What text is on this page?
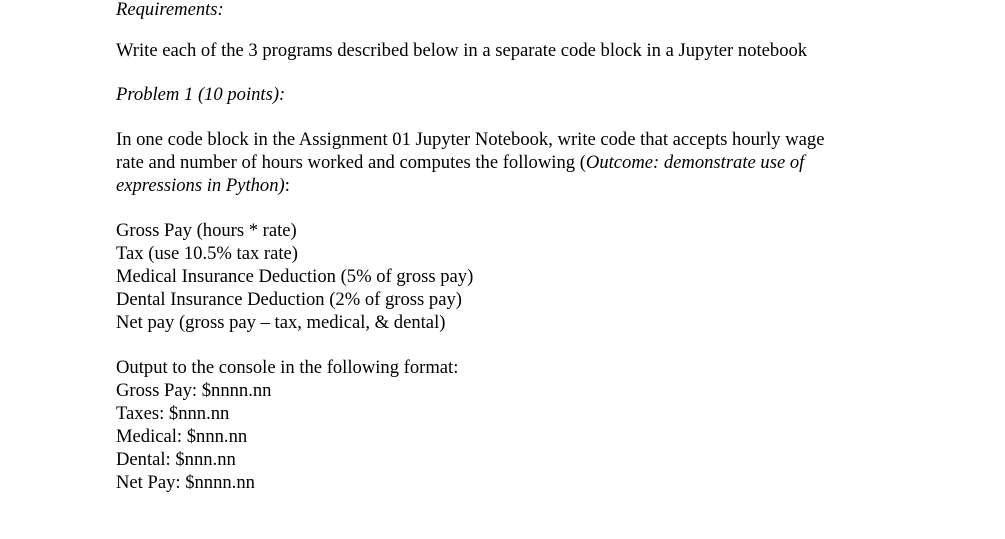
Requirements:
Write each of the 3 programs described below in a separate code block in a Jupyter notebook
Problem 1 (10 points):
In one code block in the Assignment 01 Jupyter Notebook, write code that accepts hourly wage
rate and number of hours worked and computes the following (Outcome: demonstrate use of
expressions in Python):
Gross Pay (hours * rate)
Tax (use 10.5% tax rate)
Medical Insurance Deduction (5% of gross pay)
Dental Insurance Deduction (2% of gross pay)
Net pay (gross pay – tax, medical, & dental)
Output to the console in the following format:
Gross Pay: $nnnn.nn
Taxes: $nnn.nn
Medical: $nnn.nn
Dental: $nnn.nn
Net Pay: $nnnn.nn
